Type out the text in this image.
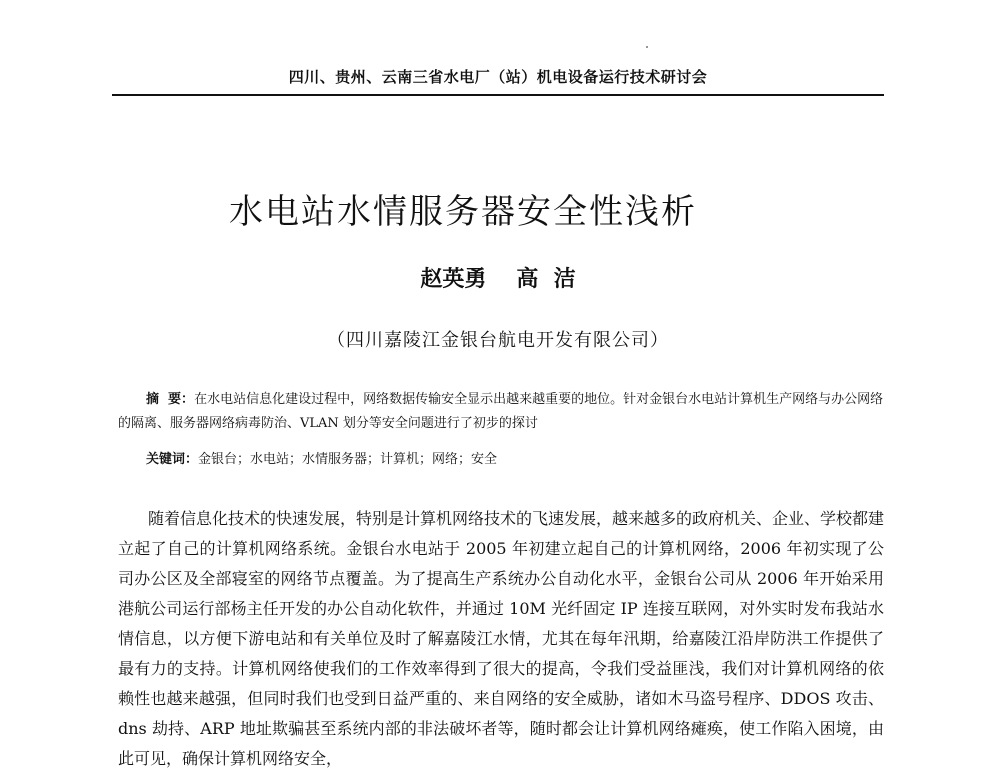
四川、贵州、云南三省水电厂（站）机电设备运行技术研讨会
水电站水情服务器安全性浅析
赵英勇 高  洁
（四川嘉陵江金银台航电开发有限公司）
摘  要：在水电站信息化建设过程中，网络数据传输安全显示出越来越重要的地位。针对金银台水电站计算机生产网络与办公网络的隔离、服务器网络病毒防治、VLAN 划分等安全问题进行了初步的探讨
关键词：金银台；水电站；水情服务器；计算机；网络；安全
随着信息化技术的快速发展，特别是计算机网络技术的飞速发展，越来越多的政府机关、企业、学校都建立起了自己的计算机网络系统。金银台水电站于 2005 年初建立起自己的计算机网络，2006 年初实现了公司办公区及全部寝室的网络节点覆盖。为了提高生产系统办公自动化水平，金银台公司从 2006 年开始采用港航公司运行部杨主任开发的办公自动化软件，并通过 10M 光纤固定 IP 连接互联网，对外实时发布我站水情信息，以方便下游电站和有关单位及时了解嘉陵江水情，尤其在每年汛期，给嘉陵江沿岸防洪工作提供了最有力的支持。计算机网络使我们的工作效率得到了很大的提高，令我们受益匪浅，我们对计算机网络的依赖性也越来越强，但同时我们也受到日益严重的、来自网络的安全威胁，诸如木马盗号程序、DDOS 攻击、dns 劫持、ARP 地址欺骗甚至系统内部的非法破坏者等，随时都会让计算机网络瘫痪，使工作陷入困境，由此可见，确保计算机网络安全，
